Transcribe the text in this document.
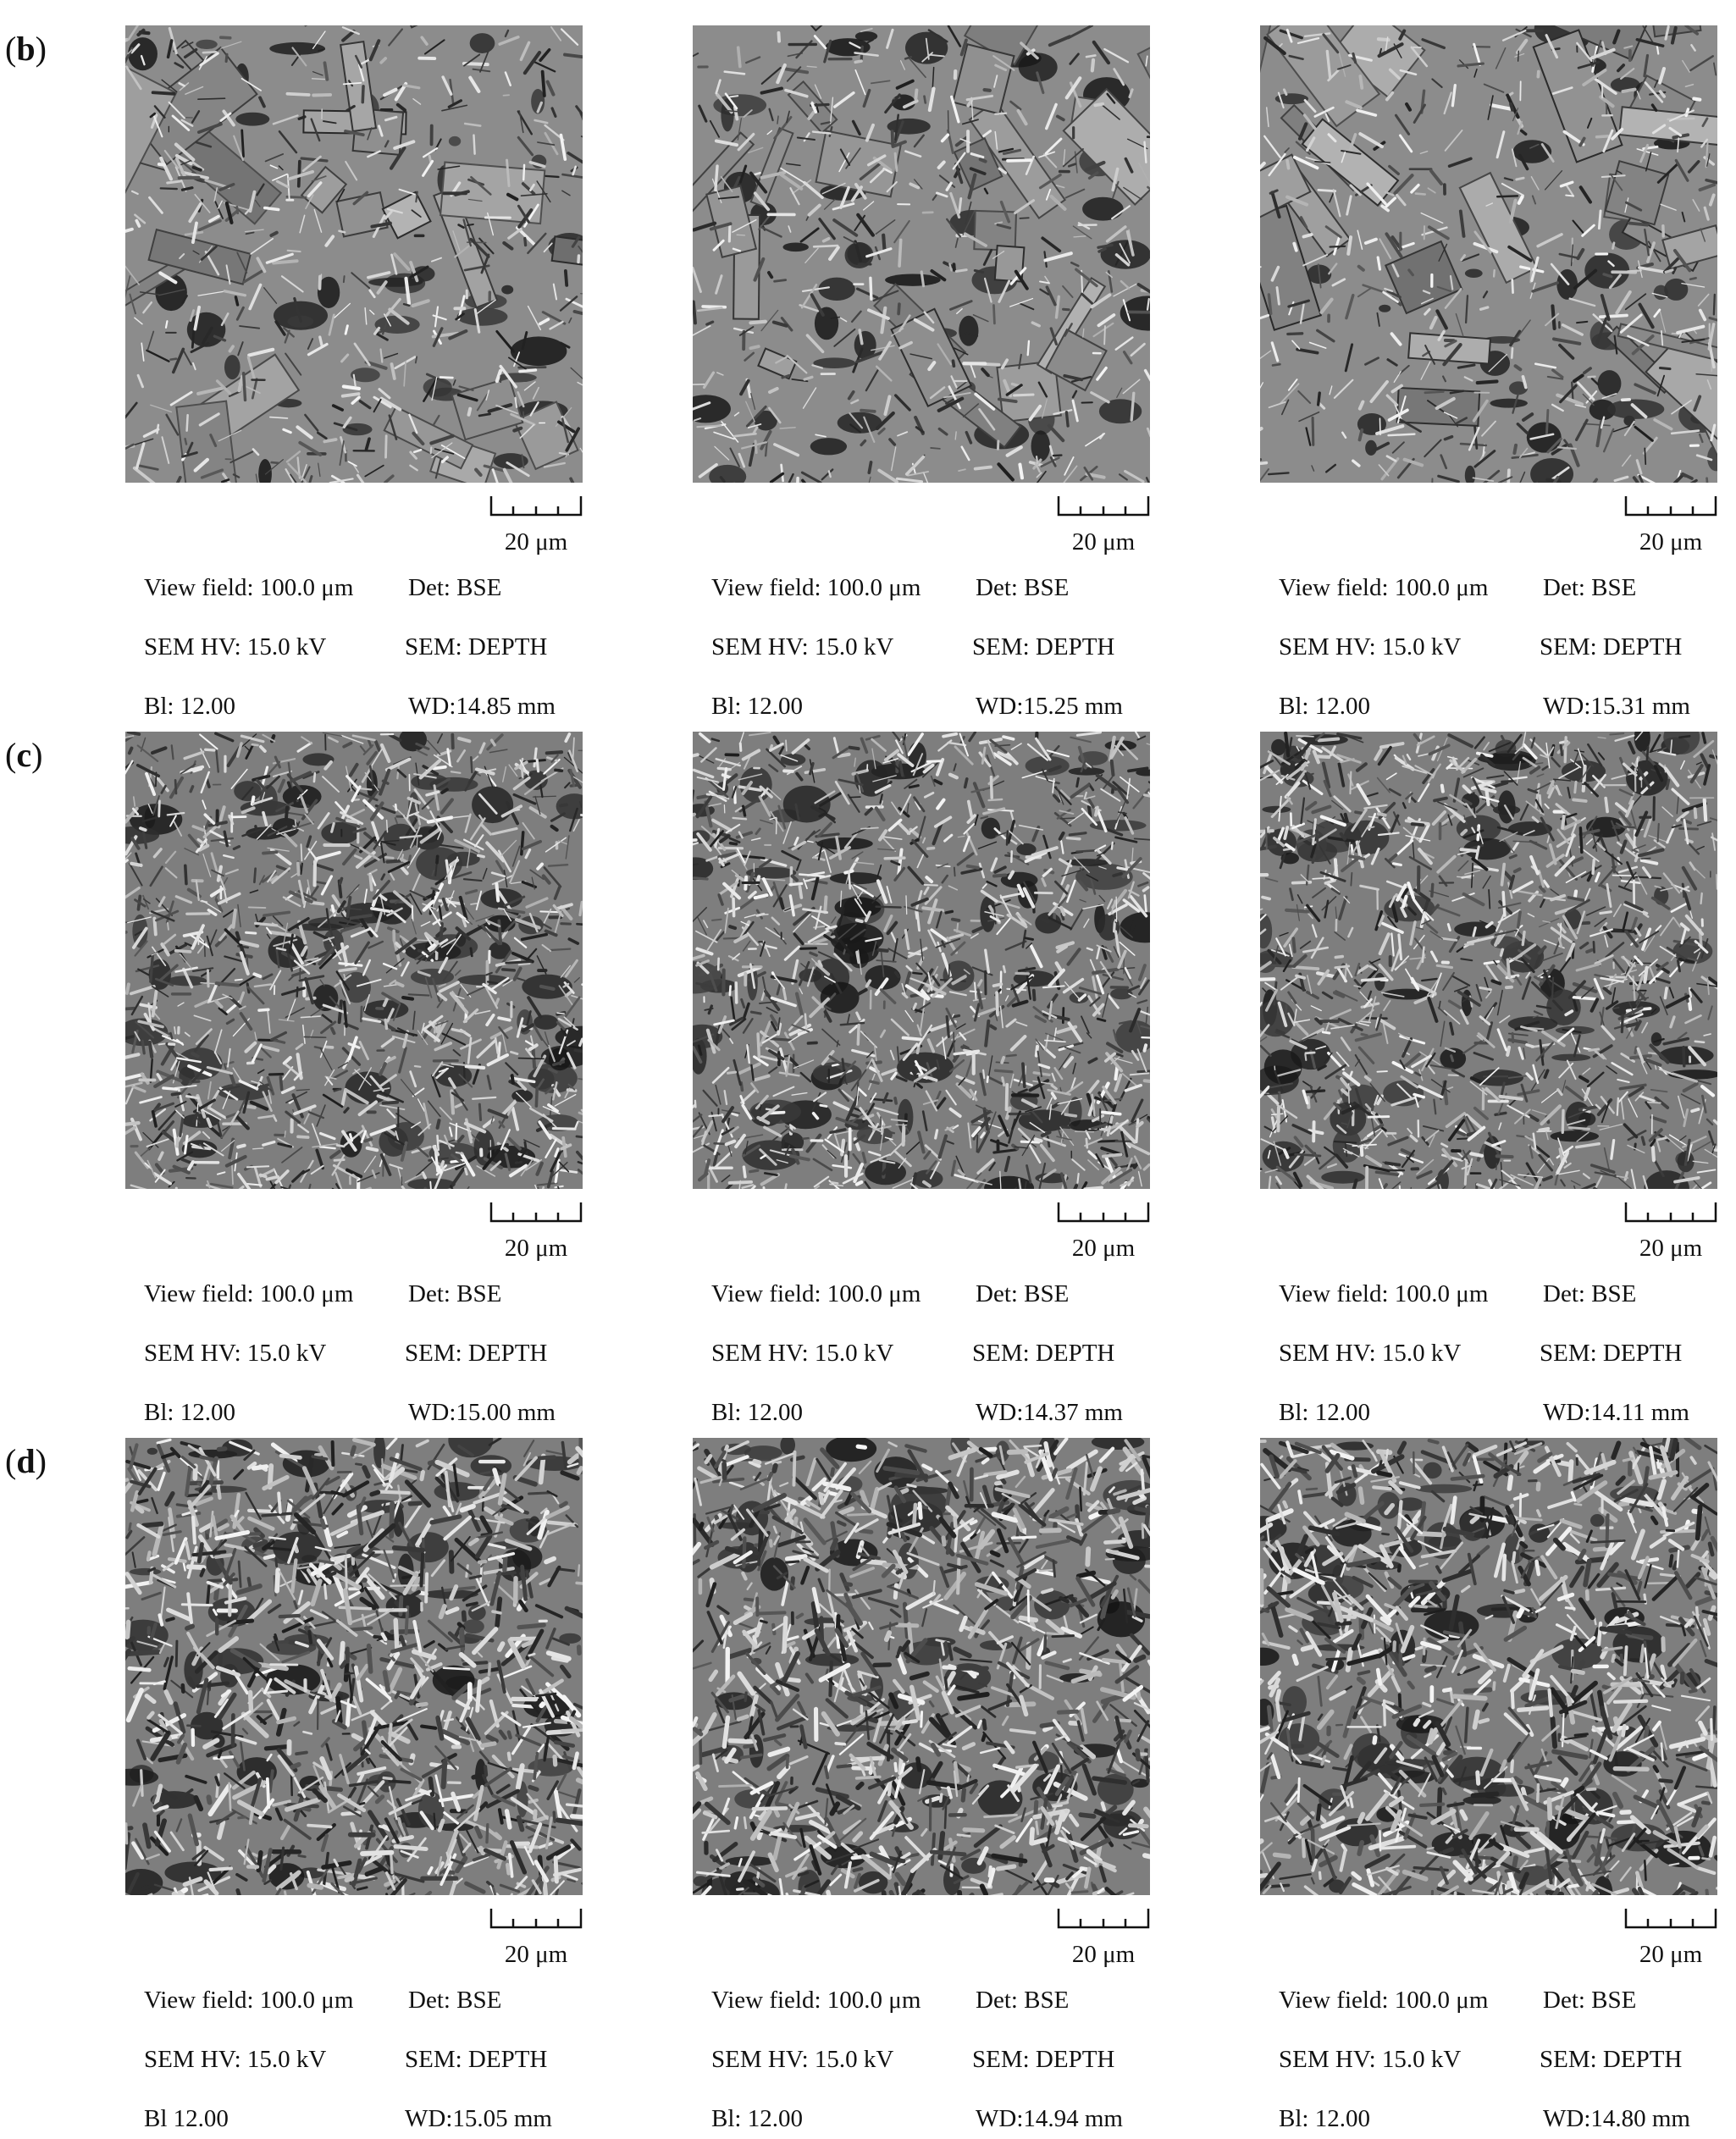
(b)
20 μm
View field: 100.0 μm Det: BSE
SEM HV: 15.0 kV	SEM: DEPTH
Bl: 12.00	WD:14.85 mm
20 μm
View field: 100.0 μm Det: BSE
SEM HV: 15.0 kV	SEM: DEPTH
Bl: 12.00	WD:15.25 mm
20 μm
View field: 100.0 μm Det: BSE
SEM HV: 15.0 kV	SEM: DEPTH
Bl: 12.00	WD:15.31 mm
(c)
20 μm
View field: 100.0 μm Det: BSE
SEM HV: 15.0 kV	SEM: DEPTH
Bl: 12.00	WD:15.00 mm
20 μm
View field: 100.0 μm Det: BSE
SEM HV: 15.0 kV	SEM: DEPTH
Bl: 12.00	WD:14.37 mm
20 μm
View field: 100.0 μm Det: BSE
SEM HV: 15.0 kV	SEM: DEPTH
Bl: 12.00	WD:14.11 mm
(d)
20 μm
View field: 100.0 μm Det: BSE
SEM HV: 15.0 kV	SEM: DEPTH
Bl 12.00	WD:15.05 mm
20 μm
View field: 100.0 μm Det: BSE
SEM HV: 15.0 kV	SEM: DEPTH
Bl: 12.00	WD:14.94 mm
20 μm
View field: 100.0 μm Det: BSE
SEM HV: 15.0 kV	SEM: DEPTH
Bl: 12.00	WD:14.80 mm
